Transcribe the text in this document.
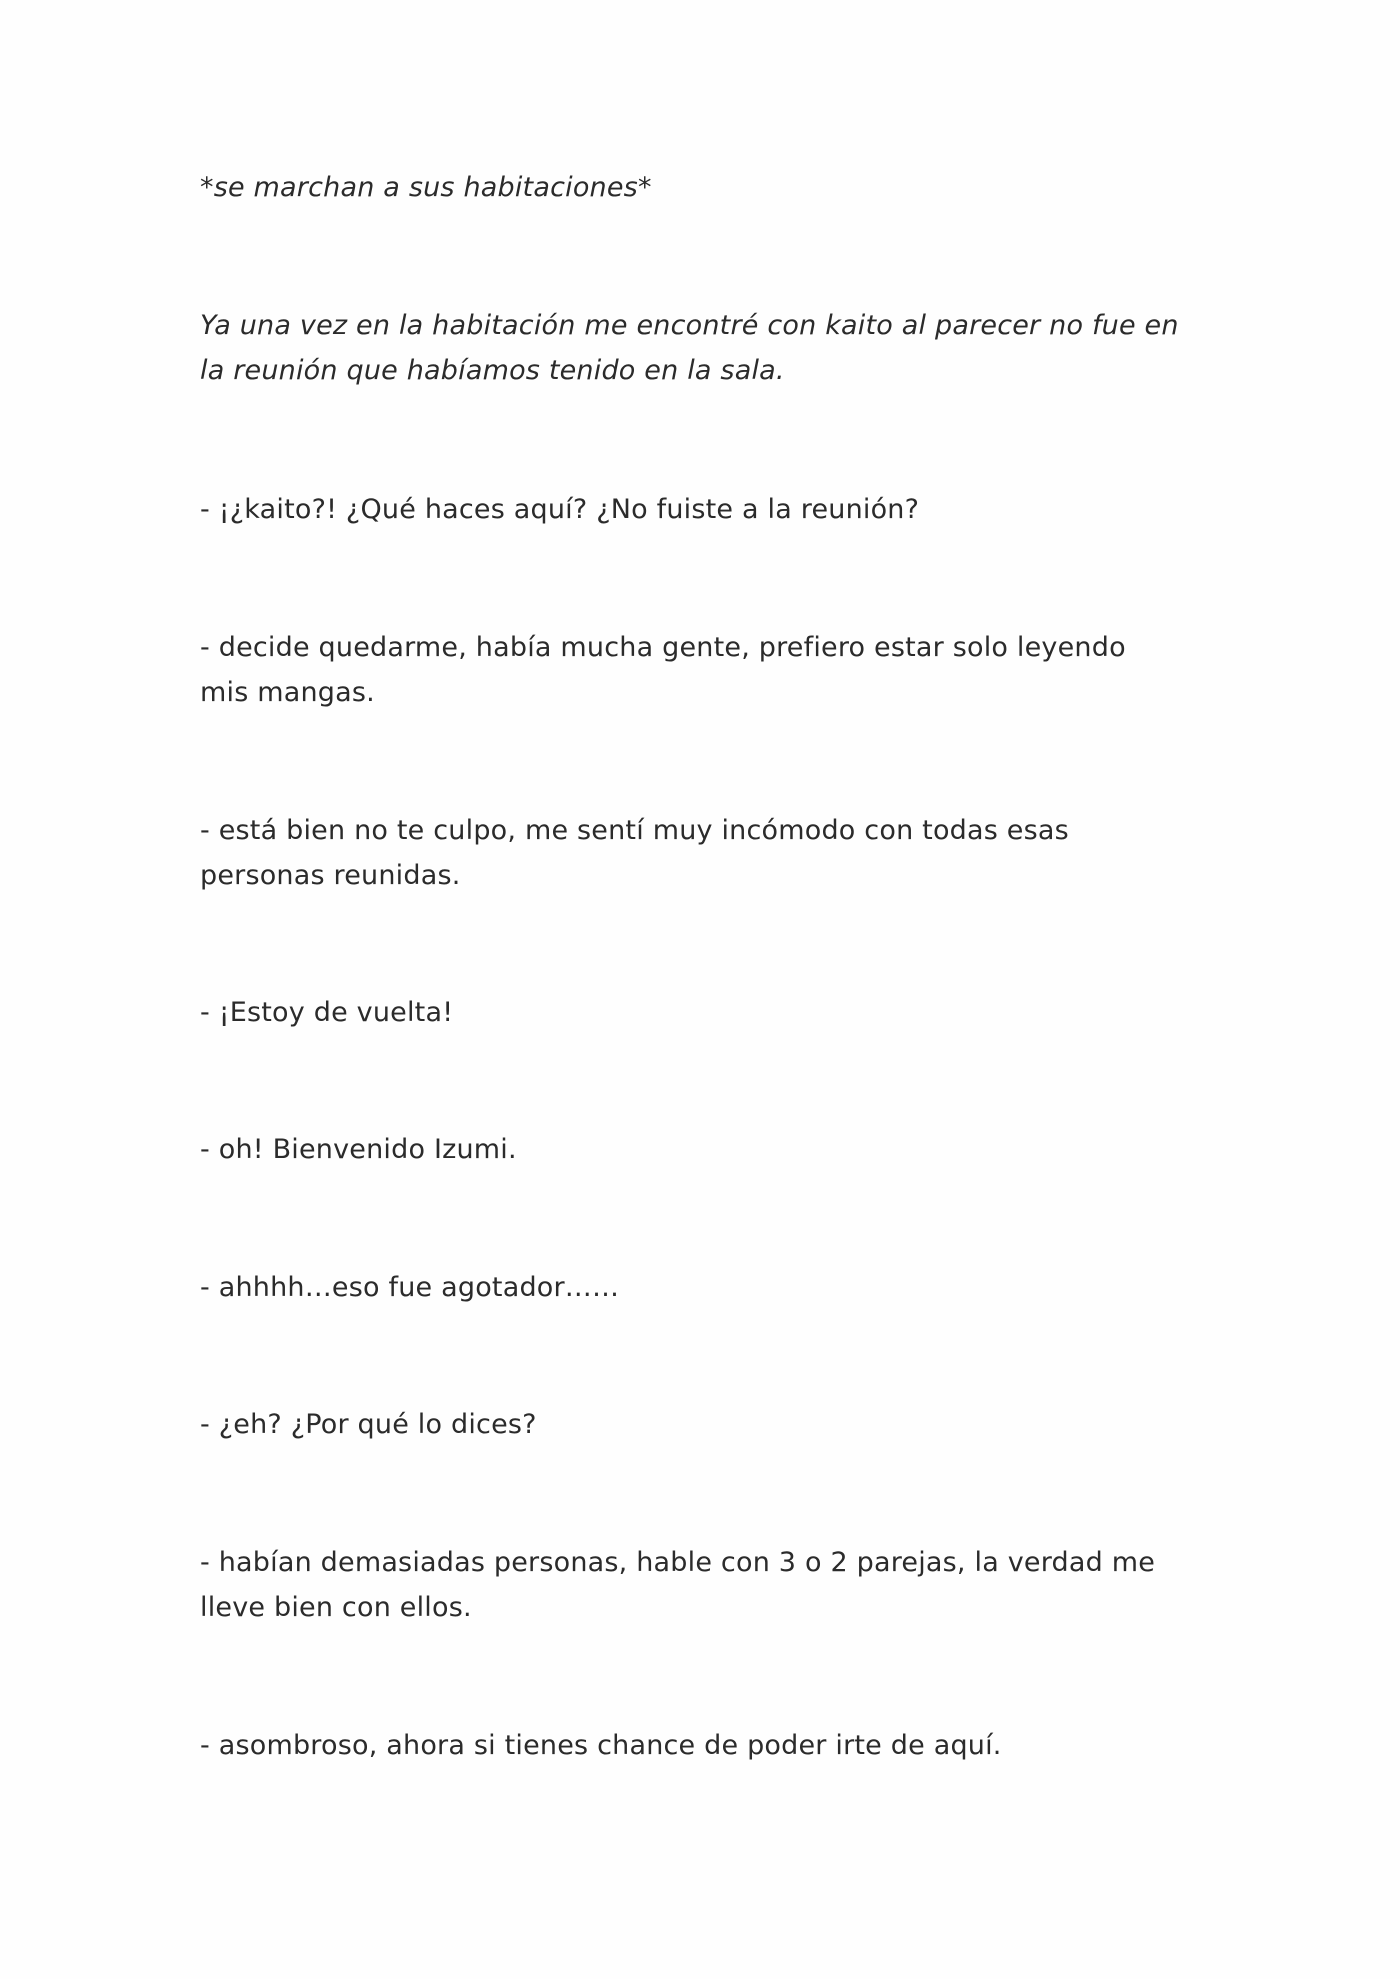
*se marchan a sus habitaciones*

Ya una vez en la habitación me encontré con kaito al parecer no fue en la reunión que habíamos tenido en la sala.

- ¡¿kaito?! ¿Qué haces aquí? ¿No fuiste a la reunión?

- decide quedarme, había mucha gente, prefiero estar solo leyendo mis mangas.

- está bien no te culpo, me sentí muy incómodo con todas esas personas reunidas.

- ¡Estoy de vuelta!

- oh! Bienvenido Izumi.

- ahhhh…eso fue agotador……

- ¿eh? ¿Por qué lo dices?

- habían demasiadas personas, hable con 3 o 2 parejas, la verdad me lleve bien con ellos.

- asombroso, ahora si tienes chance de poder irte de aquí.
